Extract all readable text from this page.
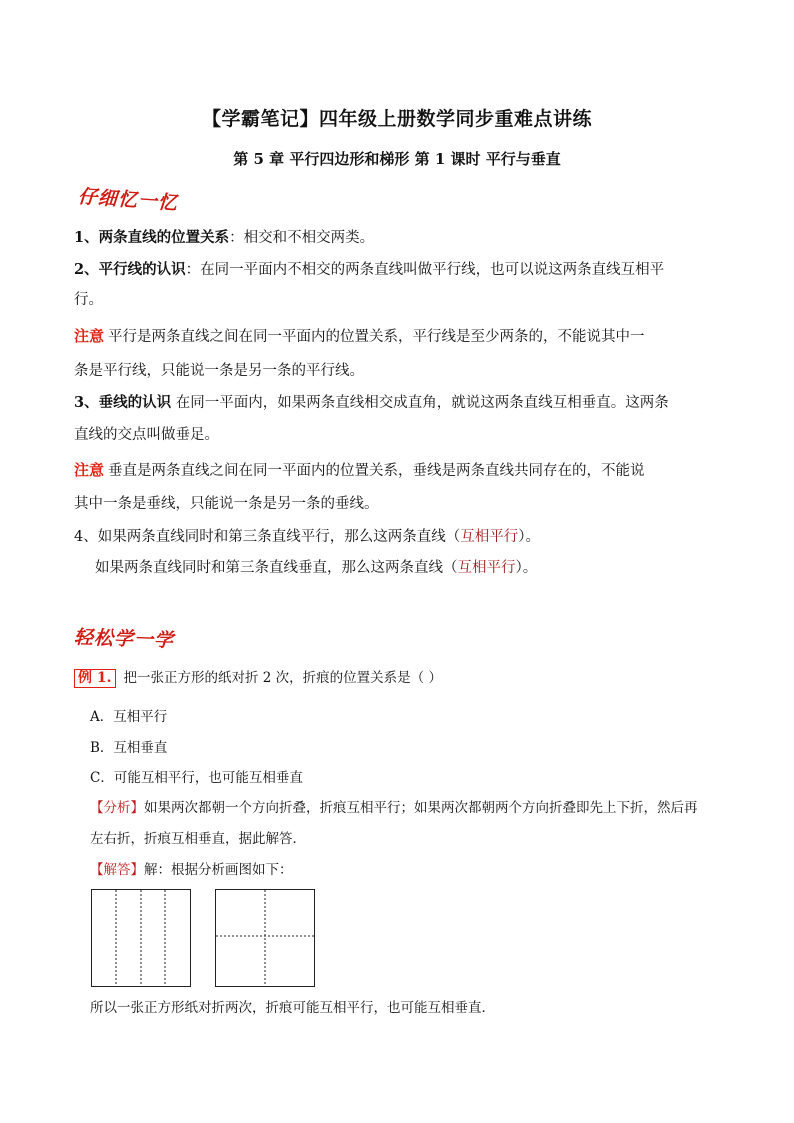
【学霸笔记】四年级上册数学同步重难点讲练
第 5 章 平行四边形和梯形 第 1 课时 平行与垂直
仔细忆一忆
1、两条直线的位置关系：相交和不相交两类。
2、平行线的认识：在同一平面内不相交的两条直线叫做平行线，也可以说这两条直线互相平
行。
注意 平行是两条直线之间在同一平面内的位置关系，平行线是至少两条的，不能说其中一
条是平行线，只能说一条是另一条的平行线。
3、垂线的认识 在同一平面内，如果两条直线相交成直角，就说这两条直线互相垂直。这两条
直线的交点叫做垂足。
注意 垂直是两条直线之间在同一平面内的位置关系，垂线是两条直线共同存在的，不能说
其中一条是垂线，只能说一条是另一条的垂线。
4、如果两条直线同时和第三条直线平行，那么这两条直线（互相平行）。
如果两条直线同时和第三条直线垂直，那么这两条直线（互相平行）。
轻松学一学
例 1. 把一张正方形的纸对折 2 次，折痕的位置关系是（ ）
A．互相平行
B．互相垂直
C．可能互相平行，也可能互相垂直
【分析】如果两次都朝一个方向折叠，折痕互相平行；如果两次都朝两个方向折叠即先上下折，然后再
左右折，折痕互相垂直，据此解答．
【解答】解：根据分析画图如下：
所以一张正方形纸对折两次，折痕可能互相平行，也可能互相垂直．
